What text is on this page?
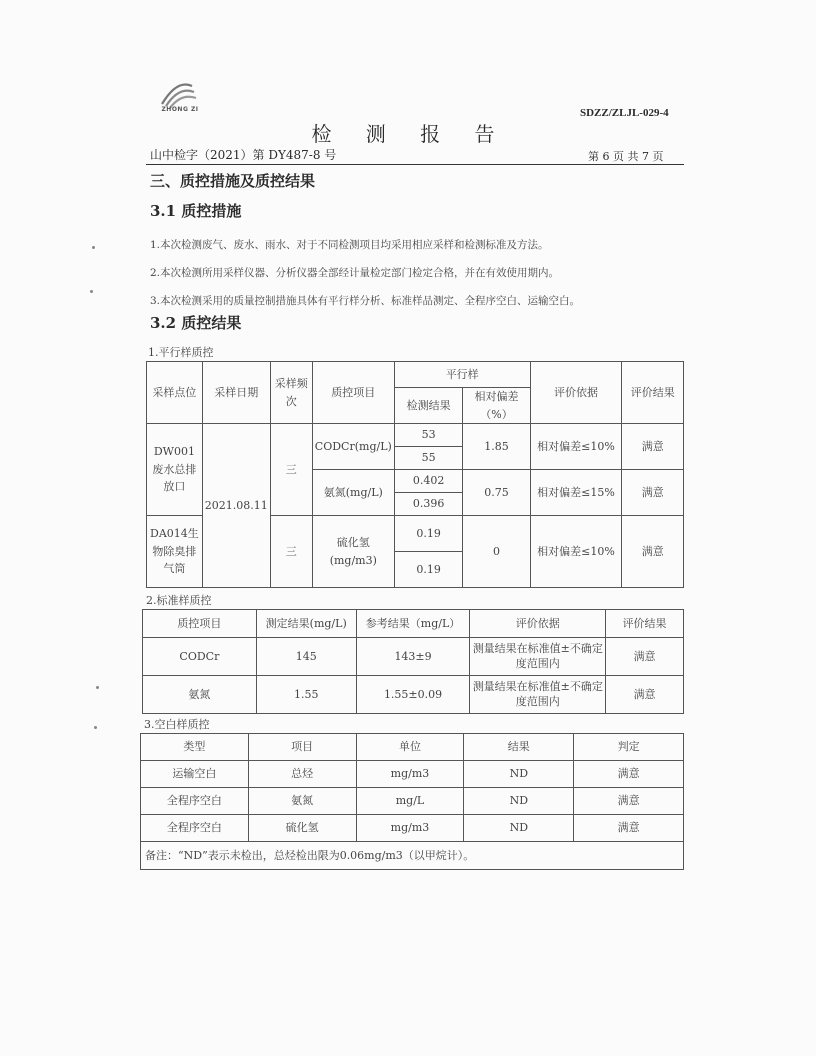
ZHONG ZI	SDZZ/ZLJL-029-4
检 测 报 告
山中检字（2021）第 DY487-8 号	第 6 页 共 7 页
三、质控措施及质控结果
3.1 质控措施
1.本次检测废气、废水、雨水、对于不同检测项目均采用相应采样和检测标准及方法。
2.本次检测所用采样仪器、分析仪器全部经计量检定部门检定合格，并在有效使用期内。
3.本次检测采用的质量控制措施具体有平行样分析、标准样品测定、全程序空白、运输空白。
3.2 质控结果
1.平行样质控
采样点位	采样日期	采样频次	质控项目	平行样		评价依据	评价结果
				检测结果	相对偏差（%）		
DW001废水总排放口	2021.08.11	三	CODCr(mg/L)	53	1.85	相对偏差≤10%	满意
				55			
			氨氮(mg/L)	0.402	0.75	相对偏差≤15%	满意
				0.396			
DA014生物除臭排气筒		三	硫化氢(mg/m3)	0.19	0	相对偏差≤10%	满意
				0.19			
2.标准样质控
质控项目	测定结果(mg/L)	参考结果（mg/L）	评价依据	评价结果
CODCr	145	143±9	测量结果在标准值±不确定度范围内	满意
氨氮	1.55	1.55±0.09	测量结果在标准值±不确定度范围内	满意
3.空白样质控
类型	项目	单位	结果	判定
运输空白	总烃	mg/m3	ND	满意
全程序空白	氨氮	mg/L	ND	满意
全程序空白	硫化氢	mg/m3	ND	满意
备注：“ND”表示未检出，总烃检出限为0.06mg/m3（以甲烷计）。				
